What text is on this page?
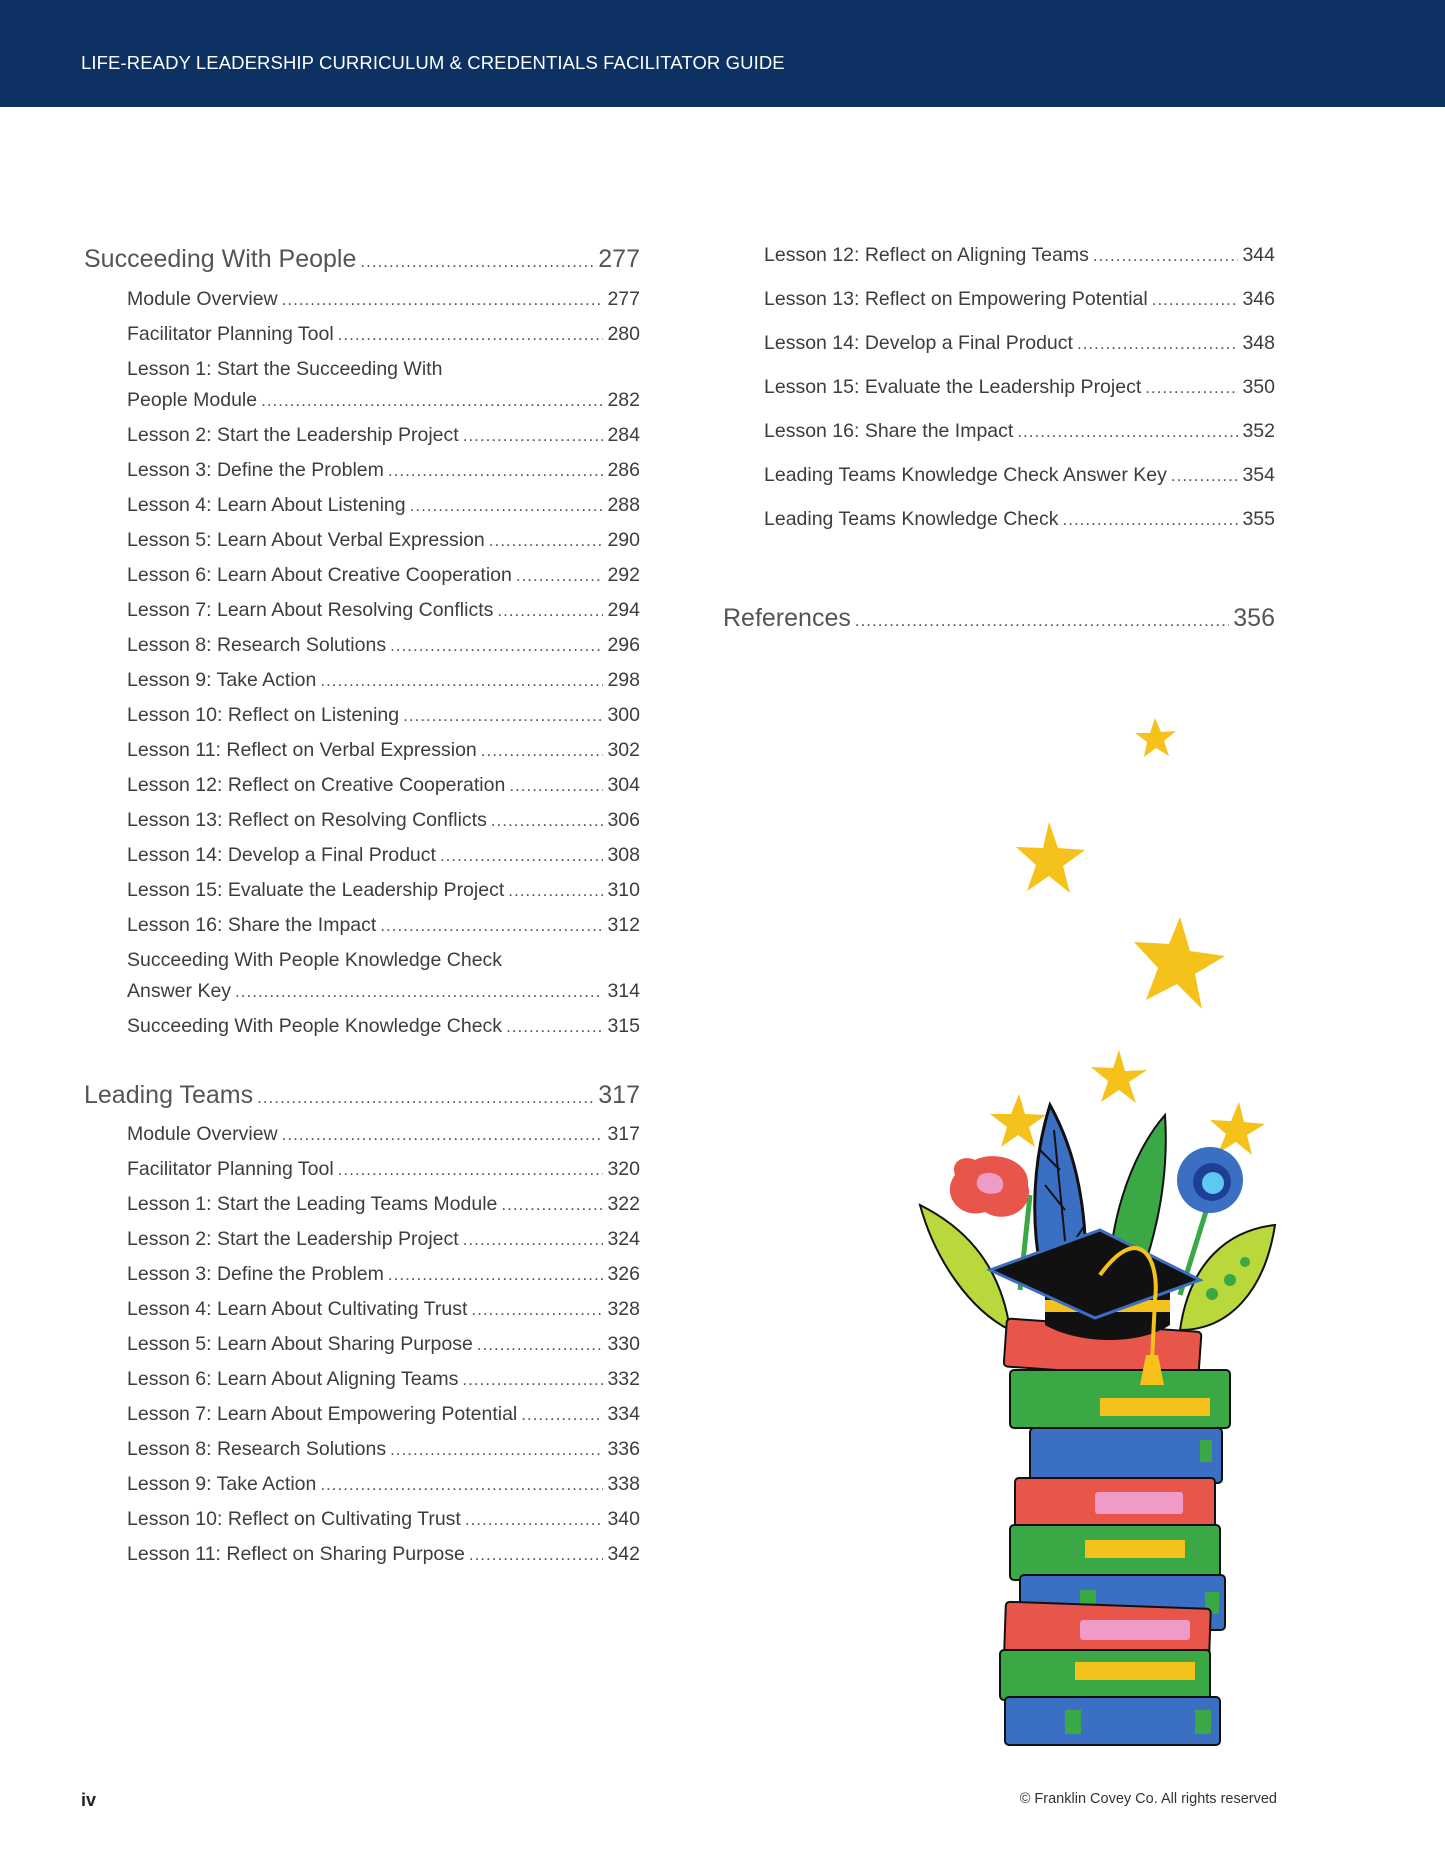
LIFE-READY LEADERSHIP CURRICULUM & CREDENTIALS FACILITATOR GUIDE
Succeeding With People .....	277
Module Overview .....	277
Facilitator Planning Tool .....	280
Lesson 1: Start the Succeeding With
People Module .....	282
Lesson 2: Start the Leadership Project .....	284
Lesson 3: Define the Problem .....	286
Lesson 4: Learn About Listening .....	288
Lesson 5: Learn About Verbal Expression .....	290
Lesson 6: Learn About Creative Cooperation .....	292
Lesson 7: Learn About Resolving Conflicts .....	294
Lesson 8: Research Solutions .....	296
Lesson 9: Take Action .....	298
Lesson 10: Reflect on Listening .....	300
Lesson 11: Reflect on Verbal Expression .....	302
Lesson 12: Reflect on Creative Cooperation .....	304
Lesson 13: Reflect on Resolving Conflicts .....	306
Lesson 14: Develop a Final Product .....	308
Lesson 15: Evaluate the Leadership Project .....	310
Lesson 16: Share the Impact .....	312
Succeeding With People Knowledge Check
Answer Key .....	314
Succeeding With People Knowledge Check .....	315
Leading Teams .....	317
Module Overview .....	317
Facilitator Planning Tool .....	320
Lesson 1: Start the Leading Teams Module .....	322
Lesson 2: Start the Leadership Project .....	324
Lesson 3: Define the Problem .....	326
Lesson 4: Learn About Cultivating Trust .....	328
Lesson 5: Learn About Sharing Purpose .....	330
Lesson 6: Learn About Aligning Teams .....	332
Lesson 7: Learn About Empowering Potential .....	334
Lesson 8: Research Solutions .....	336
Lesson 9: Take Action .....	338
Lesson 10: Reflect on Cultivating Trust .....	340
Lesson 11: Reflect on Sharing Purpose .....	342
Lesson 12: Reflect on Aligning Teams .....	344
Lesson 13: Reflect on Empowering Potential .....	346
Lesson 14: Develop a Final Product .....	348
Lesson 15: Evaluate the Leadership Project .....	350
Lesson 16: Share the Impact .....	352
Leading Teams Knowledge Check Answer Key .....	354
Leading Teams Knowledge Check .....	355
References .....	356
iv	© Franklin Covey Co. All rights reserved
